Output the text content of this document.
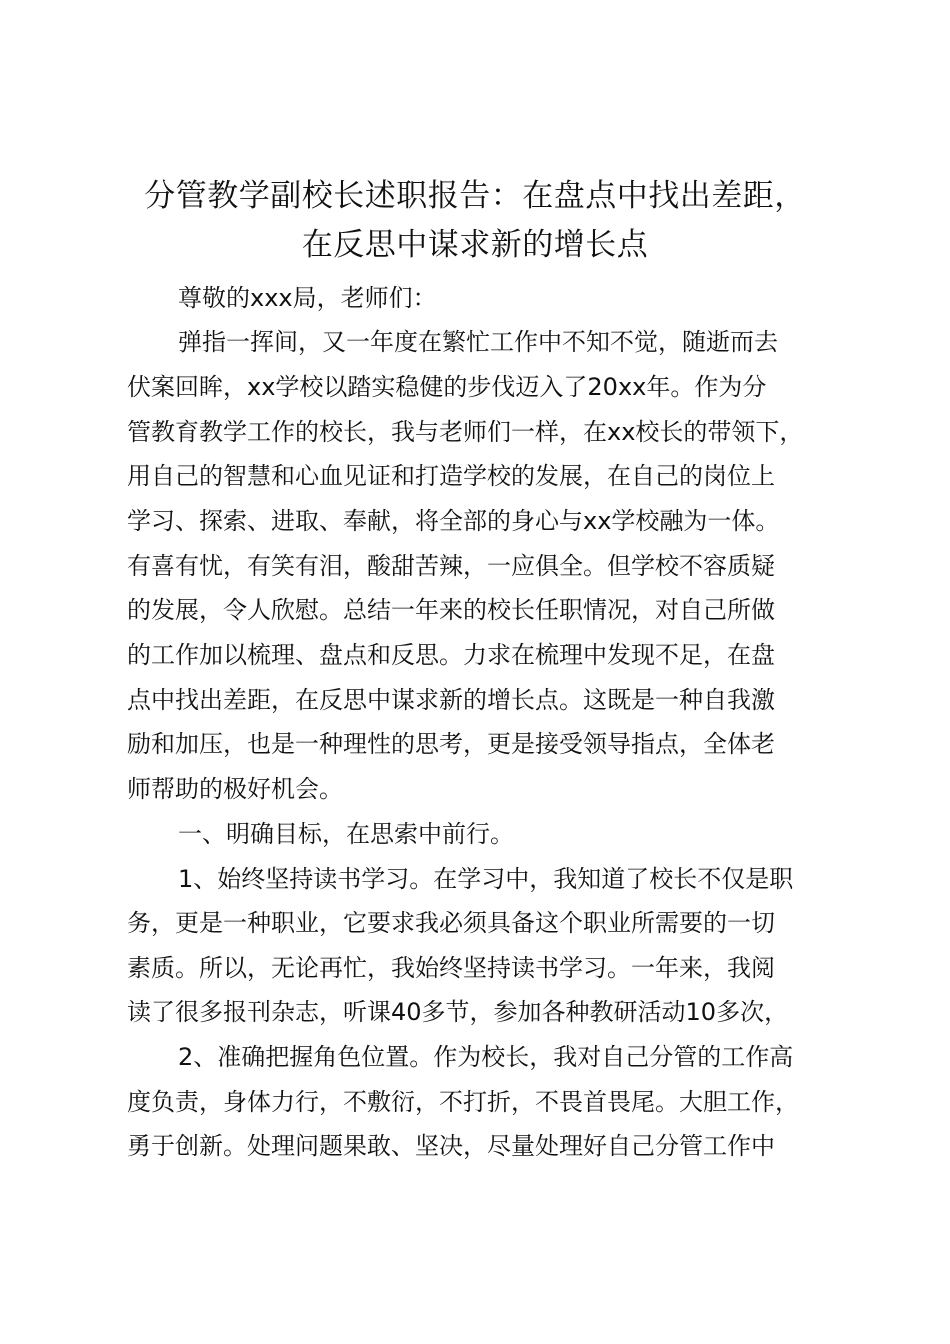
分管教学副校长述职报告：在盘点中找出差距，
在反思中谋求新的增长点
尊敬的xxx局，老师们：
弹指一挥间，又一年度在繁忙工作中不知不觉，随逝而去
伏案回眸，xx学校以踏实稳健的步伐迈入了20xx年。作为分
管教育教学工作的校长，我与老师们一样，在xx校长的带领下，
用自己的智慧和心血见证和打造学校的发展，在自己的岗位上
学习、探索、进取、奉献，将全部的身心与xx学校融为一体。
有喜有忧，有笑有泪，酸甜苦辣，一应俱全。但学校不容质疑
的发展，令人欣慰。总结一年来的校长任职情况，对自己所做
的工作加以梳理、盘点和反思。力求在梳理中发现不足，在盘
点中找出差距，在反思中谋求新的增长点。这既是一种自我激
励和加压，也是一种理性的思考，更是接受领导指点，全体老
师帮助的极好机会。
一、明确目标，在思索中前行。
1、始终坚持读书学习。在学习中，我知道了校长不仅是职
务，更是一种职业，它要求我必须具备这个职业所需要的一切
素质。所以，无论再忙，我始终坚持读书学习。一年来，我阅
读了很多报刊杂志，听课40多节，参加各种教研活动10多次，
2、准确把握角色位置。作为校长，我对自己分管的工作高
度负责，身体力行，不敷衍，不打折，不畏首畏尾。大胆工作，
勇于创新。处理问题果敢、坚决，尽量处理好自己分管工作中
